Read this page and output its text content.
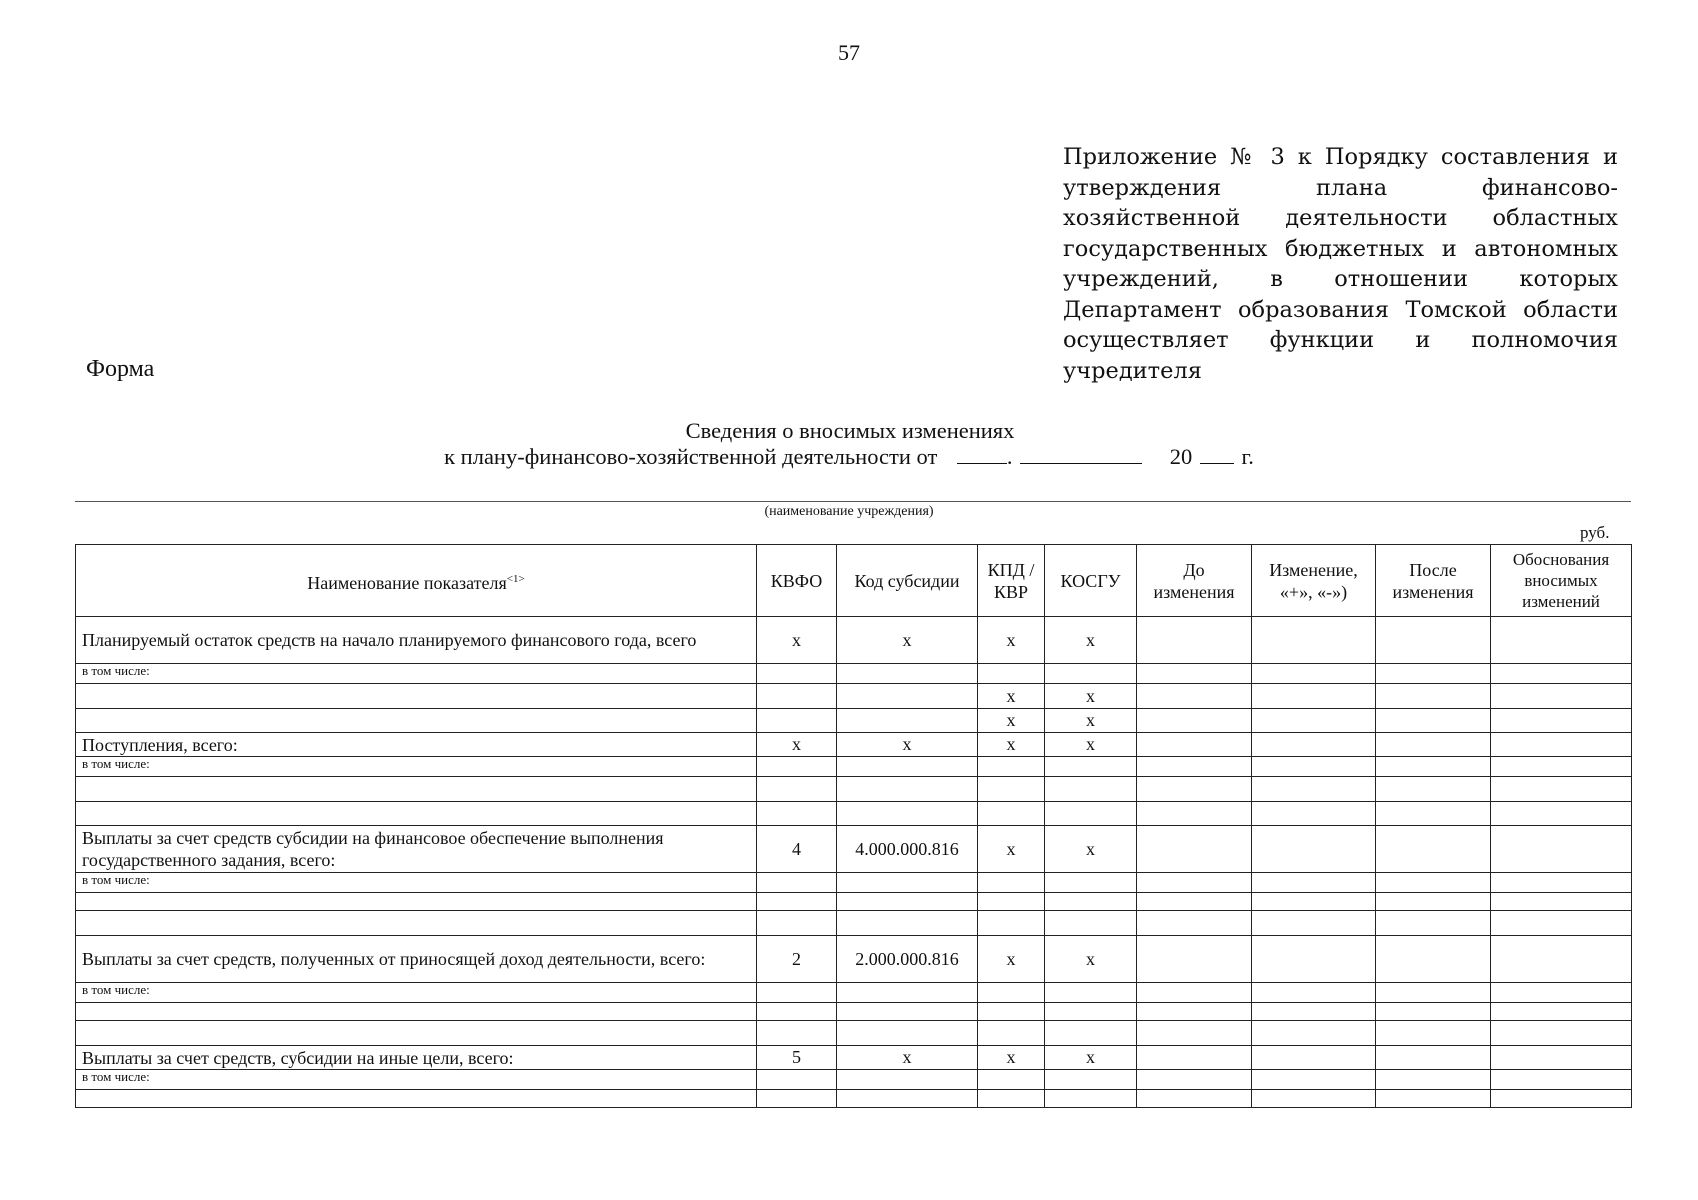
57
Приложение № 3 к Порядку составления и утверждения плана финансово-хозяйственной деятельности областных государственных бюджетных и автономных учреждений, в отношении которых Департамент образования Томской области осуществляет функции и полномочия учредителя
Форма
Сведения о вносимых изменениях
к плану-финансово-хозяйственной деятельности от	.	20 г.
(наименование учреждения)
руб.
Наименование показателя$^{<1>}$	КВФО	Код субсидии	КПД /КВР	КОСГУ	До изменения	Изменение, «+», «-»)	После изменения	Обоснования вносимых изменений
Планируемый остаток средств на начало планируемого финансового года, всего	x	x	x	x				
в том числе:								
			x	x				
			x	x				
Поступления, всего:	x	x	x	x				
в том числе:								

Выплаты за счет средств субсидии на финансовое обеспечение выполнения государственного задания, всего:	4	4.000.000.816	x	x				
в том числе:								

Выплаты за счет средств, полученных от приносящей доход деятельности, всего:	2	2.000.000.816	x	x				
в том числе:								

Выплаты за счет средств, субсидии на иные цели, всего:	5	x	x	x				
в том числе:								
